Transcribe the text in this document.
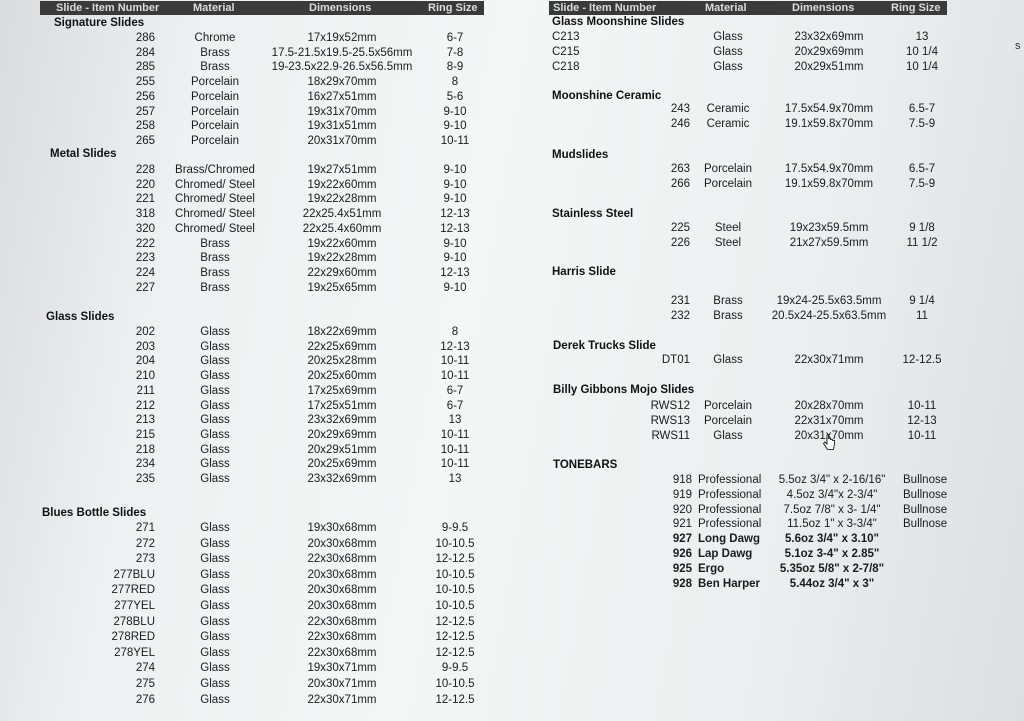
Slide - Item Number	Material	Dimensions	Ring Size	Slide - Item Number	Material	Dimensions	Ring Size
Signature Slides
286	Chrome	17x19x52mm	6-7
284	Brass	17.5-21.5x19.5-25.5x56mm	7-8
285	Brass	19-23.5x22.9-26.5x56.5mm	8-9
255	Porcelain	18x29x70mm	8
256	Porcelain	16x27x51mm	5-6
257	Porcelain	19x31x70mm	9-10
258	Porcelain	19x31x51mm	9-10
265	Porcelain	20x31x70mm	10-11
Metal Slides
228	Brass/Chromed	19x27x51mm	9-10
220	Chromed/ Steel	19x22x60mm	9-10
221	Chromed/ Steel	19x22x28mm	9-10
318	Chromed/ Steel	22x25.4x51mm	12-13
320	Chromed/ Steel	22x25.4x60mm	12-13
222	Brass	19x22x60mm	9-10
223	Brass	19x22x28mm	9-10
224	Brass	22x29x60mm	12-13
227	Brass	19x25x65mm	9-10
Glass Slides
202	Glass	18x22x69mm	8
203	Glass	22x25x69mm	12-13
204	Glass	20x25x28mm	10-11
210	Glass	20x25x60mm	10-11
211	Glass	17x25x69mm	6-7
212	Glass	17x25x51mm	6-7
213	Glass	23x32x69mm	13
215	Glass	20x29x69mm	10-11
218	Glass	20x29x51mm	10-11
234	Glass	20x25x69mm	10-11
235	Glass	23x32x69mm	13
Blues Bottle Slides
271	Glass	19x30x68mm	9-9.5
272	Glass	20x30x68mm	10-10.5
273	Glass	22x30x68mm	12-12.5
277BLU	Glass	20x30x68mm	10-10.5
277RED	Glass	20x30x68mm	10-10.5
277YEL	Glass	20x30x68mm	10-10.5
278BLU	Glass	22x30x68mm	12-12.5
278RED	Glass	22x30x68mm	12-12.5
278YEL	Glass	22x30x68mm	12-12.5
274	Glass	19x30x71mm	9-9.5
275	Glass	20x30x71mm	10-10.5
276	Glass	22x30x71mm	12-12.5
Glass Moonshine Slides
C213	Glass	23x32x69mm	13
C215	Glass	20x29x69mm	10 1/4
C218	Glass	20x29x51mm	10 1/4
Moonshine Ceramic
243	Ceramic	17.5x54.9x70mm	6.5-7
246	Ceramic	19.1x59.8x70mm	7.5-9
Mudslides
263	Porcelain	17.5x54.9x70mm	6.5-7
266	Porcelain	19.1x59.8x70mm	7.5-9
Stainless Steel
225	Steel	19x23x59.5mm	9 1/8
226	Steel	21x27x59.5mm	11 1/2
Harris Slide
231	Brass	19x24-25.5x63.5mm	9 1/4
232	Brass	20.5x24-25.5x63.5mm	11
Derek Trucks Slide
DT01	Glass	22x30x71mm	12-12.5
Billy Gibbons Mojo Slides
RWS12	Porcelain	20x28x70mm	10-11
RWS13	Porcelain	22x31x70mm	12-13
RWS11	Glass	20x31x70mm	10-11
TONEBARS
918 Professional	5.5oz 3/4" x 2-16/16"	Bullnose
919 Professional	4.5oz 3/4"x 2-3/4"	Bullnose
920 Professional	7.5oz 7/8" x 3- 1/4"	Bullnose
921 Professional	11.5oz 1" x 3-3/4"	Bullnose
927 Long Dawg	5.6oz 3/4" x 3.10"
926 Lap Dawg	5.1oz 3-4" x 2.85"
925 Ergo	5.35oz 5/8" x 2-7/8"
928 Ben Harper	5.44oz 3/4" x 3"
s
